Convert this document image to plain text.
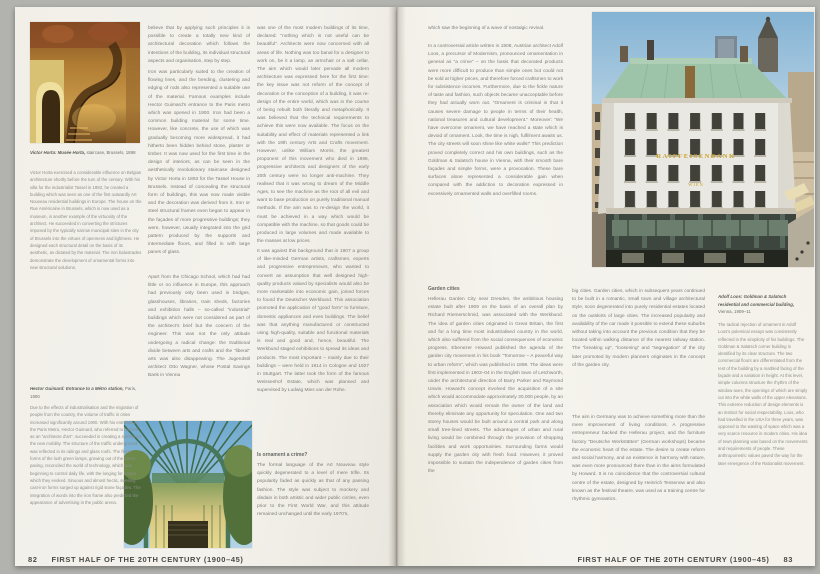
Victor Horta: Musée Horta, staircase, Brussels, 1898
Victor Horta exercised a considerable influence on Belgian architecture shortly before the turn of the century. With his villa for the industrialist Tassel in 1893, he created a building which was seen as one of the first outwardly Art Nouveau residential buildings in Europe. The house on the Rue Américaine in Brussels, which is now used as a museum, is another example of the virtuosity of the architect. He succeeded in converting the strictures imposed by the typically narrow municipal sites in the city of Brussels into the virtues of openness and lightness. He designed each structural detail on the basis of its aesthetic, as dictated by the material. The iron balustrades demonstrate the development of ornamental forms into new structural solutions.
believe that by applying such principles it is possible to create a totally new kind of architectural decoration which follows the intentions of the building, its individual structural aspects and organisation, step by step.
Iron was particularly suited to the creation of flowing lines, and the bending, clustering and edging of rods also represented a suitable use of the material. Famous examples include Hector Guimard's entrance to the Paris metro which was opened in 1900. Iron had been a common building material for some time. However, like concrete, the use of which was gradually becoming more widespread, it had hitherto been hidden behind stone, plaster or timber. It was now used for the first time in the design of interiors, as can be seen in the aesthetically revolutionary staircase designed by Victor Horta in 1893 for the Tassel House in Brussels. Instead of concealing the structural form of buildings, this was now made visible and the decoration was derived from it. Iron or steel structural frames even began to appear in the façades of more progressive buildings; they were, however, usually integrated into the grid pattern produced by the supports and intermediate floors, and filled in with large panes of glass.
Apart from the Chicago School, which had had little or no influence in Europe, this approach had previously only been used in bridges, glasshouses, libraries, train sheds, factories and exhibition halls – so-called “industrial” buildings which were not considered as part of the architect's brief but the concern of the engineer. This was not the only attitude undergoing a radical change: the traditional divide between arts and crafts and the “liberal” arts was also disappearing. The Jugendstil architect Otto Wagner, whose Postal Savings Bank in Vienna
Hector Guimard: Entrance to a Métro station, Paris, 1900
Due to the effects of industrialisation and the migration of people from the country, the volume of traffic in cities increased significantly around 1900. With his entrance to the Paris Metro, Hector Guimard, who referred to himself as an “architecte d'art”, succeeded in creating a symbol for the new mobility. The structure of the traffic underground was reflected in its railings and glass roofs. The floral forms of the lush green lamps, growing out of the street paving, reconciled the world of technology, which was beginning to control daily life, with the longing for nature which they evoked. Sinuous and almost hectic, swelling cast-iron forms surged up against rigid stone façades. The integration of words into the iron frame also predicted the appearance of advertising in the public arena.
was one of the most modern buildings of its time, declared: “nothing which is not useful can be beautiful”. Architects were now concerned with all areas of life. Nothing was too banal for a designer to work on, be it a lamp, an armchair or a salt cellar. The aim which would later pervade all modern architecture was expressed here for the first time: the key issue was not reform of the concept of decoration or the conception of a building, it was re-design of the entire world, which was in the course of being rebuilt both literally and metaphorically. It was believed that the technical requirements to achieve this were now available. The focus on the suitability and effect of materials represented a link with the 19th century Arts and Crafts movement. However, unlike William Morris, the greatest proponent of this movement who died in 1896, progressive architects and designers of the early 20th century were no longer anti-machine. They realised that it was wrong to dream of the Middle Ages, to see the machine as the root of all evil and want to base production on purely traditional manual methods. If the aim was to re-design the world, it must be achieved in a way which would be compatible with the machine, so that goods could be produced in large volumes and made available to the masses at low prices.
It was against this background that in 1907 a group of like-minded German artists, craftsmen, experts and progressive entrepreneurs, who wanted to convert an assumption that well designed high-quality products valued by specialists would also be more marketable into economic gain, joined forces to found the Deutscher Werkbund. This association promoted the application of “good form” to furniture, domestic appliances and even buildings. The belief was that anything manufactured or constructed using high-quality, suitable and functional materials is real and good and, hence, beautiful. The Werkbund staged exhibitions to spread its ideas and products. The most important – mainly due to their buildings – were held in 1914 in Cologne and 1927 in Stuttgart. The latter took the form of the famous Weissenhof Estate, which was planned and supervised by Ludwig Mies van der Rohe.
Is ornament a crime?
The formal language of the Art Nouveau style quickly degenerated to a level of mere trifle. Its popularity faded as quickly as that of any passing fashion. The style was subject to mockery and disdain in both artistic and wider public circles, even prior to the First World War, and this attitude remained unchanged until the early 1970's,
82 FIRST HALF OF THE 20TH CENTURY (1900–45)
which saw the beginning of a wave of nostalgic revival.
In a controversial article written in 1908, Austrian architect Adolf Loos, a precursor of Modernism, pronounced ornamentation in general as “a crime” – on the basis that decorated products were more difficult to produce than simple ones but could not be sold at higher prices, and therefore forced craftsmen to work for subsistence incomes. Furthermore, due to the fickle nature of taste and fashion, such objects became unacceptable before they had actually worn out. “Ornament is criminal in that it causes severe damage to people in terms of their health, national treasures and cultural development.” Moreover: “We have overcome ornament, we have reached a state which is devoid of ornament. Look, the time is nigh, fulfilment awaits us. The city streets will soon shine like white walls!” This prediction proved completely correct and his own buildings, such as the Goldman & Salatsch house in Vienna, with their smooth bare façades and simple forms, were a provocation. These bare surfaces alone represented a considerable gain when compared with the addiction to decoration expressed in excessively ornamented walls and overfilled rooms.
Garden cities
Hellerau Garden City near Dresden, the ambitious housing estate built after 1909 on the basis of an overall plan by Richard Riemerschmid, was associated with the Werkbund. The idea of garden cities originated in Great Britain, the first and for a long time most industrialised country in the world, which also suffered from the social consequences of economic progress. Ebenezer Howard published the agenda of the garden city movement in his book “Tomorrow – A peaceful way to urban reform”, which was published in 1898. The ideas were first implemented in 1903–04 in the English town of Letchworth, under the architectural direction of Barry Parker and Raymond Unwin. Howard's concept involved the acquisition of a site which would accommodate approximately 30,000 people, by an association which would remain the owner of the land and thereby eliminate any opportunity for speculation. One and two storey houses would be built around a central park and along small tree-lined streets. The advantages of urban and rural living would be combined through the provision of shopping facilities and work opportunities. Surrounding farms would supply the garden city with fresh food. However, it proved impossible to sustain the independence of garden cities from the
RAIFFEISENBANK
WIEN
big cities. Garden cities, which in subsequent years continued to be built in a romantic, small town and village architectural style, soon degenerated into purely residential estates located on the outskirts of large cities. The increased popularity and availability of the car made it possible to extend these suburbs without taking into account the previous condition that they be located within walking distance of the nearest railway station. The “breaking up”, “loosening” and “segregation” of the city later promoted by modern planners originates in the concept of the garden city.
The aim in Germany was to achieve something more than the mere improvement of living conditions. A progressive entrepreneur backed the Hellerau project, and the furniture factory “Deutsche Werkstätten” (German workshops) became the economic heart of the estate. The desire to create reform and social harmony, and an existence in harmony with nature, was even more pronounced there than in the aims formulated by Howard. It is no coincidence that the controversial cultural centre of the estate, designed by Heinrich Tessenow and also known as the festival theatre, was used as a training centre for rhythmic gymnastics.
Adolf Loos: Goldman & Salatsch residential and commercial building, Vienna, 1909–11
The radical rejection of ornament in Adolf Loos's polemical essays was consistently reflected in the simplicity of his buildings. The Goldman & Salatsch corner building is identified by its clear structure. The two commercial floors are differentiated from the rest of the building by a marbled facing of the façade and a variation in height. At this level, simple columns structure the rhythm of the window axes, the openings of which are simply cut into the white walls of the upper elevations. This extreme reduction of design elements is an instinct for social respectability. Loos, who had travelled in the USA for three years, was opposed to the wasting of space which was a very scarce resource in modern cities. His idea of town planning was based on the movements and requirements of people. These anthropometric values paved the way for the later emergence of the Rationalist movement.
FIRST HALF OF THE 20TH CENTURY (1900–45) 83
